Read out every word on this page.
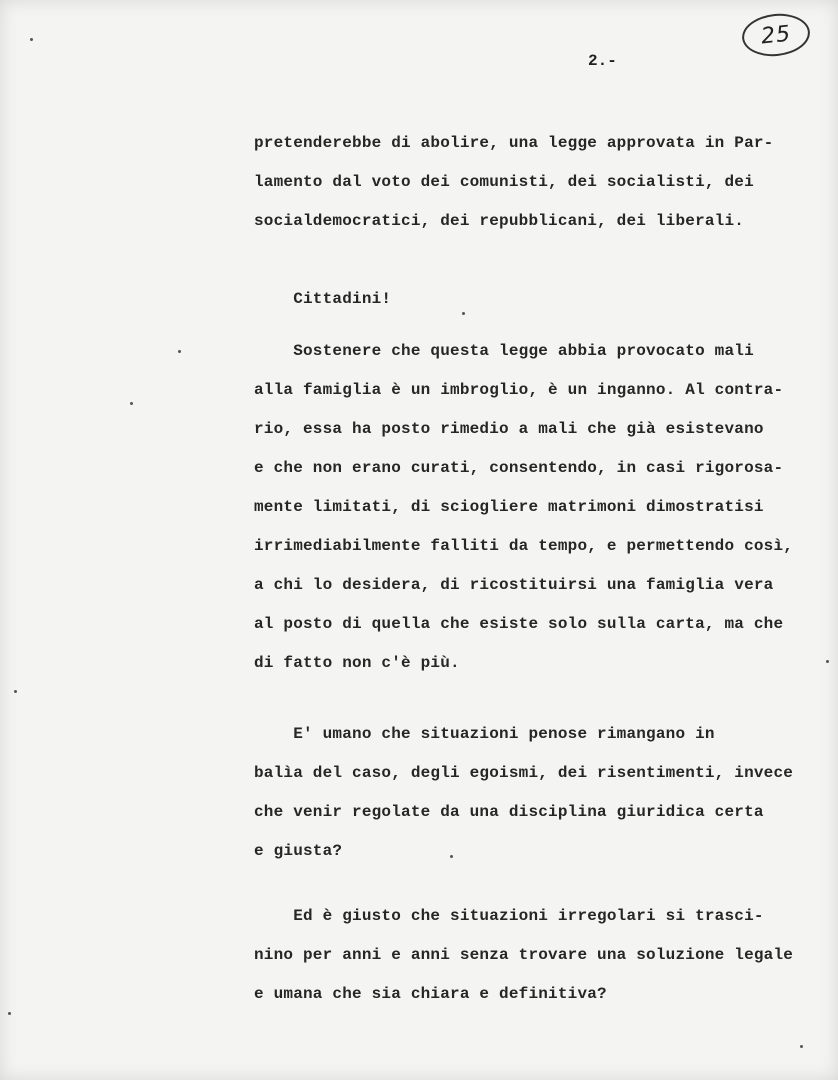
25
2.-
pretenderebbe di abolire, una legge approvata in Par-
lamento dal voto dei comunisti, dei socialisti, dei
socialdemocratici, dei repubblicani, dei liberali.
Cittadini!
Sostenere che questa legge abbia provocato mali
alla famiglia è un imbroglio, è un inganno. Al contra-
rio, essa ha posto rimedio a mali che già esistevano
e che non erano curati, consentendo, in casi rigorosa-
mente limitati, di sciogliere matrimoni dimostratisi
irrimediabilmente falliti da tempo, e permettendo così,
a chi lo desidera, di ricostituirsi una famiglia vera
al posto di quella che esiste solo sulla carta, ma che
di fatto non c'è più.
E' umano che situazioni penose rimangano in
balìa del caso, degli egoismi, dei risentimenti, invece
che venir regolate da una disciplina giuridica certa
e giusta?
Ed è giusto che situazioni irregolari si trasci-
nino per anni e anni senza trovare una soluzione legale
e umana che sia chiara e definitiva?
